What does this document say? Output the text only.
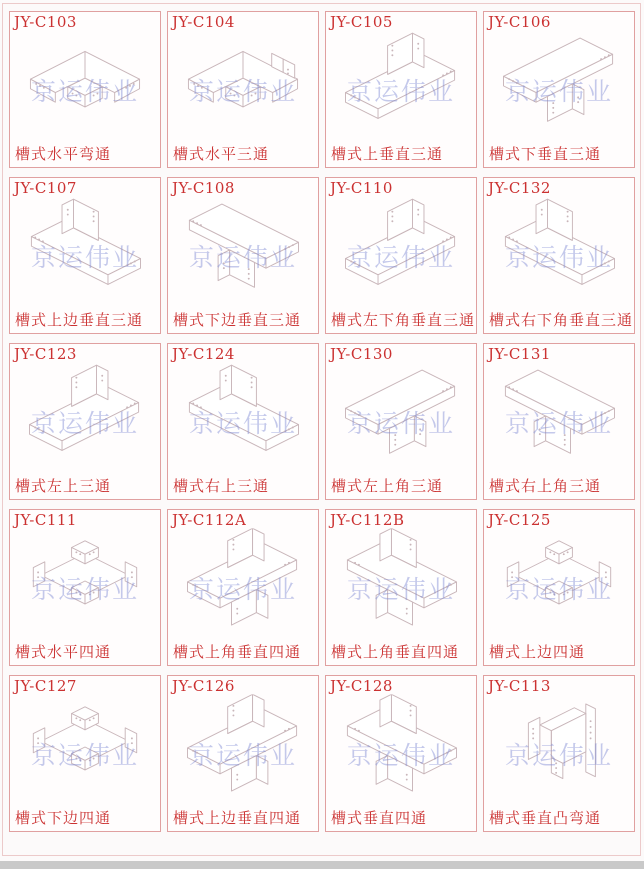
JY-C103
京运伟业
槽式水平弯通
JY-C104
京运伟业
槽式水平三通
JY-C105
京运伟业
槽式上垂直三通
JY-C106
京运伟业
槽式下垂直三通
JY-C107
京运伟业
槽式上边垂直三通
JY-C108
京运伟业
槽式下边垂直三通
JY-C110
京运伟业
槽式左下角垂直三通
JY-C132
京运伟业
槽式右下角垂直三通
JY-C123
京运伟业
槽式左上三通
JY-C124
京运伟业
槽式右上三通
JY-C130
京运伟业
槽式左上角三通
JY-C131
京运伟业
槽式右上角三通
JY-C111
京运伟业
槽式水平四通
JY-C112A
京运伟业
槽式上角垂直四通
JY-C112B
京运伟业
槽式上角垂直四通
JY-C125
京运伟业
槽式上边四通
JY-C127
京运伟业
槽式下边四通
JY-C126
京运伟业
槽式上边垂直四通
JY-C128
京运伟业
槽式垂直四通
JY-C113
京运伟业
槽式垂直凸弯通
